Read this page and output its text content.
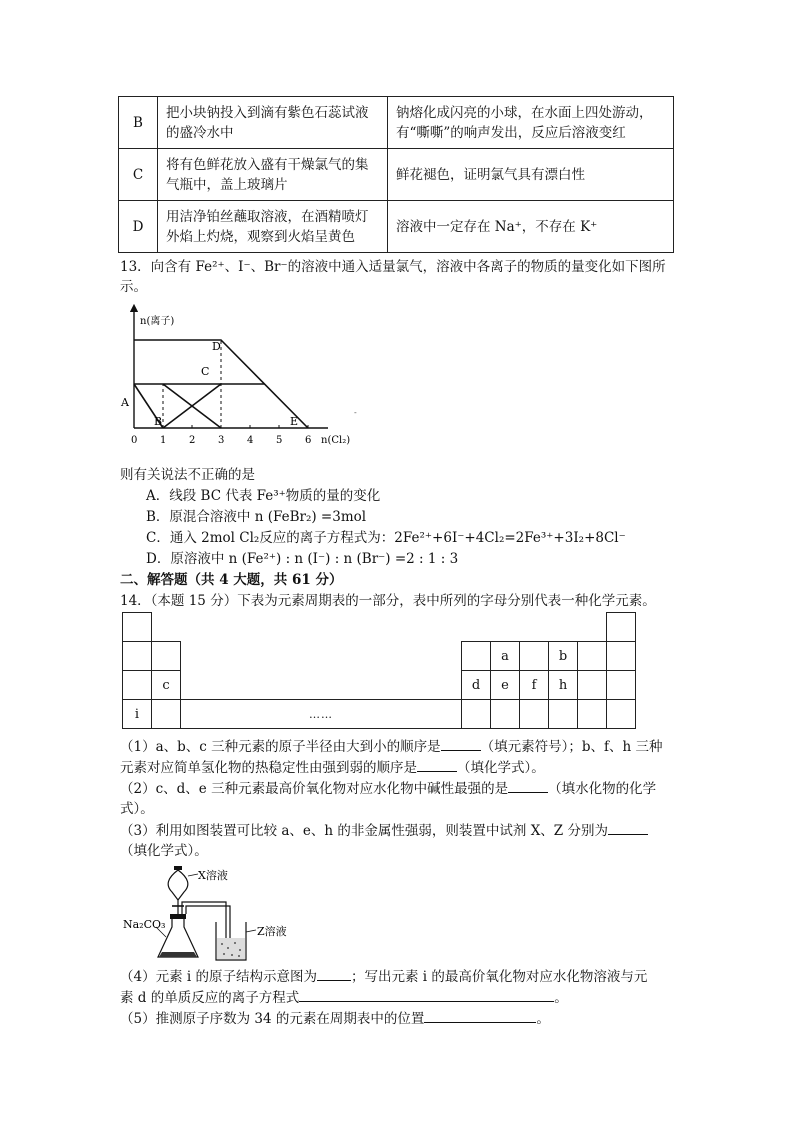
B	把小块钠投入到滴有紫色石蕊试液的盛冷水中	钠熔化成闪亮的小球，在水面上四处游动，有“嘶嘶”的响声发出，反应后溶液变红
C	将有色鲜花放入盛有干燥氯气的集气瓶中，盖上玻璃片	鲜花褪色，证明氯气具有漂白性
D	用洁净铂丝蘸取溶液，在酒精喷灯外焰上灼烧，观察到火焰呈黄色	溶液中一定存在 Na⁺，不存在 K⁺
13．向含有 Fe²⁺、I⁻、Br⁻的溶液中通入适量氯气，溶液中各离子的物质的量变化如下图所
示。
n(离子)
n(Cl₂)
0 1 2 3 4 5 6
A
B
C
D
E
-
则有关说法不正确的是
A．线段 BC 代表 Fe³⁺物质的量的变化
B．原混合溶液中 n (FeBr₂) =3mol
C．通入 2mol Cl₂反应的离子方程式为：2Fe²⁺+6I⁻+4Cl₂=2Fe³⁺+3I₂+8Cl⁻
D．原溶液中 n (Fe²⁺) : n (I⁻) : n (Br⁻) =2 : 1 : 3
二、解答题（共 4 大题，共 61 分）
14．（本题 15 分）下表为元素周期表的一部分，表中所列的字母分别代表一种化学元素。

													a		b		
	c											d	e	f	h		
i		……															
（1）a、b、c 三种元素的原子半径由大到小的顺序是	（填元素符号）；b、f、h 三种
元素对应简单氢化物的热稳定性由强到弱的顺序是	（填化学式）。
（2）c、d、e 三种元素最高价氧化物对应水化物中碱性最强的是	（填水化物的化学
式）。
（3）利用如图装置可比较 a、e、h 的非金属性强弱，则装置中试剂 X、Z 分别为
（填化学式）。
X溶液
Na₂CO₃
Z溶液
（4）元素 i 的原子结构示意图为	；写出元素 i 的最高价氧化物对应水化物溶液与元
素 d 的单质反应的离子方程式	。
（5）推测原子序数为 34 的元素在周期表中的位置	。
